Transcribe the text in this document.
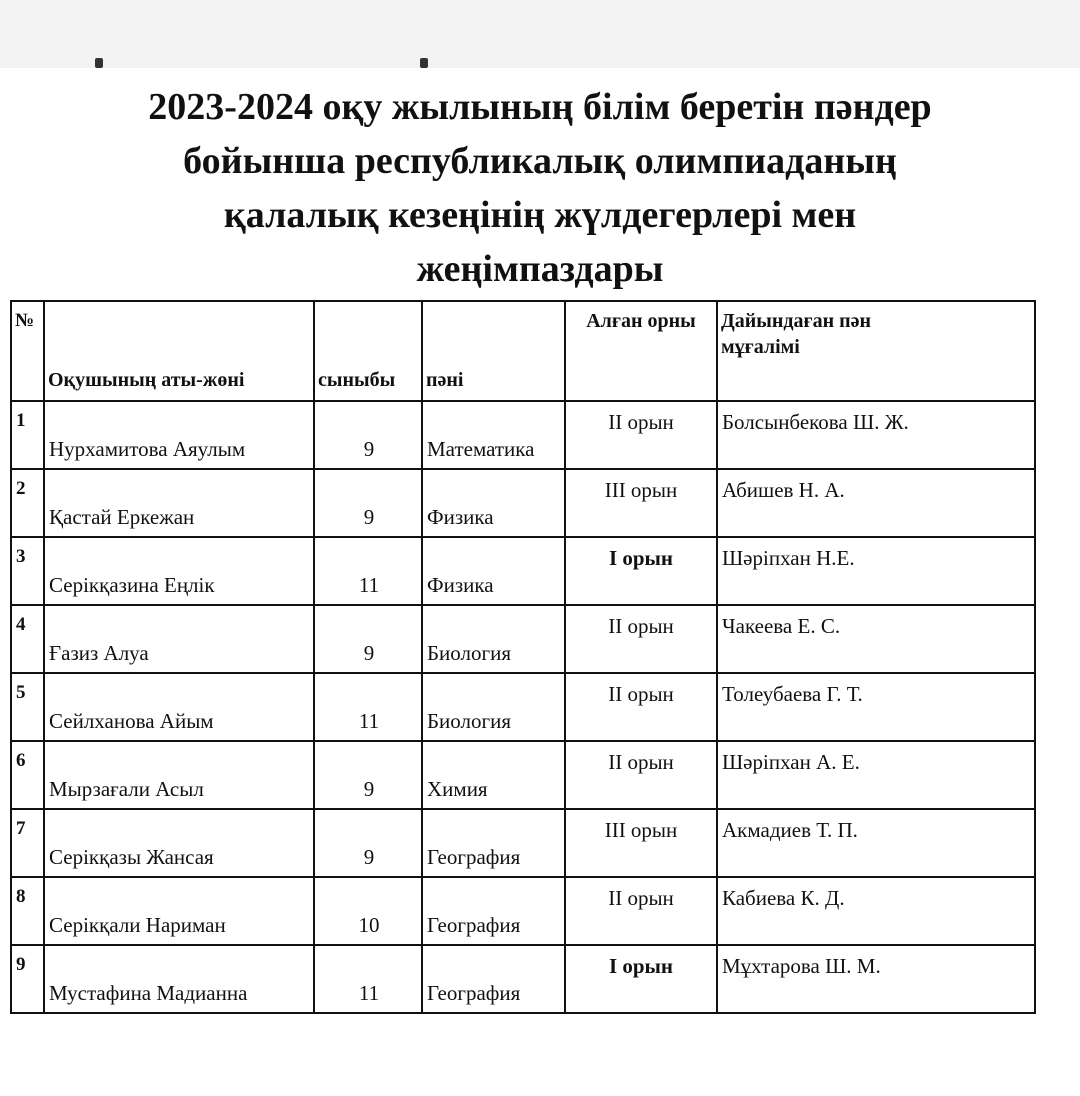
2023-2024 оқу жылының білім беретін пәндер
бойынша республикалық олимпиаданың
қалалық кезеңінің жүлдегерлері мен
жеңімпаздары
№	Оқушының аты-жөні	сыныбы	пәні	Алған орны	Дайындаған пән
мұғалімі

1	Нурхамитова Аяулым	9	Математика	II орын	Болсынбекова Ш. Ж.

2	Қастай Еркежан	9	Физика	III орын	Абишев Н. А.

3	Серікқазина Еңлік	11	Физика	I орын	Шәріпхан Н.Е.

4	Ғазиз Алуа	9	Биология	II орын	Чакеева Е. С.

5	Сейлханова Айым	11	Биология	II орын	Толеубаева Г. Т.

6	Мырзағали Асыл	9	Химия	II орын	Шәріпхан А. Е.

7	Серікқазы Жансая	9	География	III орын	Акмадиев Т. П.

8	Серікқали Нариман	10	География	II орын	Кабиева К. Д.

9	Мустафина Мадианна	11	География	I орын	Мұхтарова Ш. М.
